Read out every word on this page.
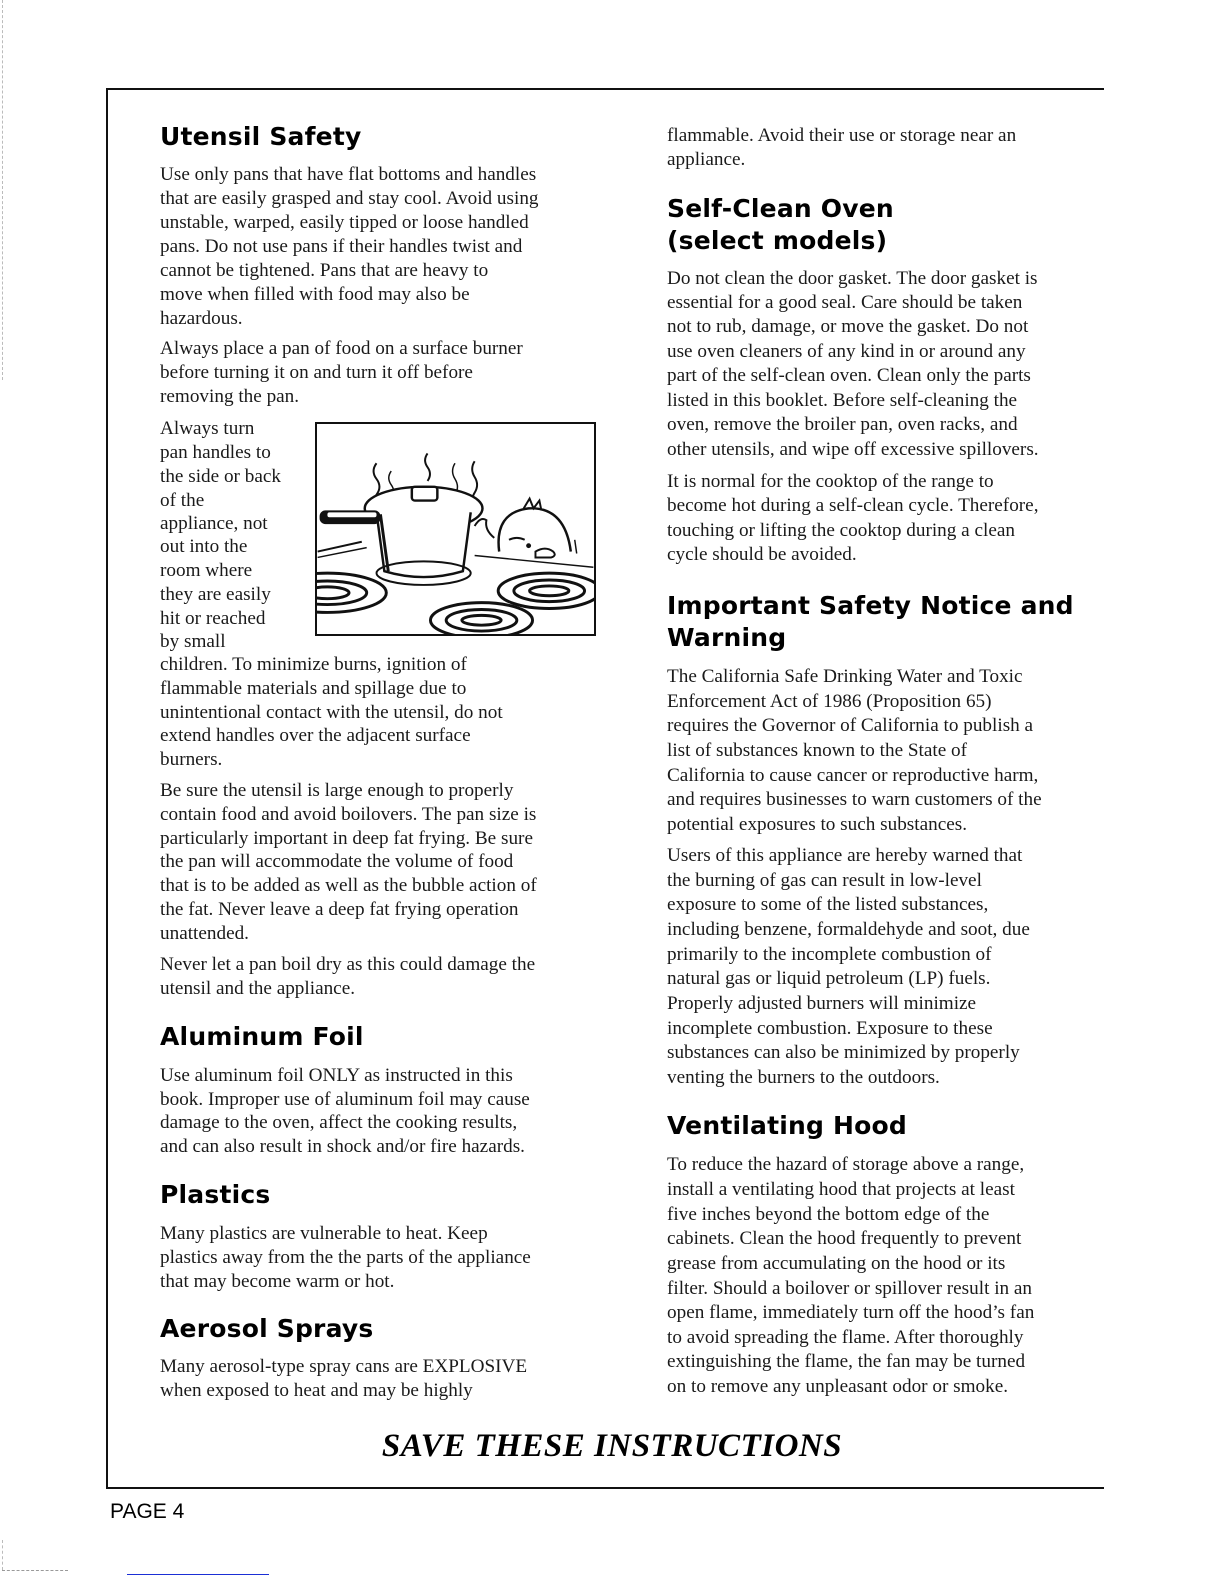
Utensil Safety
Use only pans that have flat bottoms and handles
that are easily grasped and stay cool. Avoid using
unstable, warped, easily tipped or loose handled
pans. Do not use pans if their handles twist and
cannot be tightened. Pans that are heavy to
move when filled with food may also be
hazardous.
Always place a pan of food on a surface burner
before turning it on and turn it off before
removing the pan.
Always turn
pan handles to
the side or back
of the
appliance, not
out into the
room where
they are easily
hit or reached
by small
children. To minimize burns, ignition of
flammable materials and spillage due to
unintentional contact with the utensil, do not
extend handles over the adjacent surface
burners.
Be sure the utensil is large enough to properly
contain food and avoid boilovers. The pan size is
particularly important in deep fat frying. Be sure
the pan will accommodate the volume of food
that is to be added as well as the bubble action of
the fat. Never leave a deep fat frying operation
unattended.
Never let a pan boil dry as this could damage the
utensil and the appliance.
Aluminum Foil
Use aluminum foil ONLY as instructed in this
book. Improper use of aluminum foil may cause
damage to the oven, affect the cooking results,
and can also result in shock and/or fire hazards.
Plastics
Many plastics are vulnerable to heat. Keep
plastics away from the the parts of the appliance
that may become warm or hot.
Aerosol Sprays
Many aerosol-type spray cans are EXPLOSIVE
when exposed to heat and may be highly
flammable. Avoid their use or storage near an
appliance.
Self-Clean Oven
(select models)
Do not clean the door gasket. The door gasket is
essential for a good seal. Care should be taken
not to rub, damage, or move the gasket. Do not
use oven cleaners of any kind in or around any
part of the self-clean oven. Clean only the parts
listed in this booklet. Before self-cleaning the
oven, remove the broiler pan, oven racks, and
other utensils, and wipe off excessive spillovers.
It is normal for the cooktop of the range to
become hot during a self-clean cycle. Therefore,
touching or lifting the cooktop during a clean
cycle should be avoided.
Important Safety Notice and
Warning
The California Safe Drinking Water and Toxic
Enforcement Act of 1986 (Proposition 65)
requires the Governor of California to publish a
list of substances known to the State of
California to cause cancer or reproductive harm,
and requires businesses to warn customers of the
potential exposures to such substances.
Users of this appliance are hereby warned that
the burning of gas can result in low-level
exposure to some of the listed substances,
including benzene, formaldehyde and soot, due
primarily to the incomplete combustion of
natural gas or liquid petroleum (LP) fuels.
Properly adjusted burners will minimize
incomplete combustion. Exposure to these
substances can also be minimized by properly
venting the burners to the outdoors.
Ventilating Hood
To reduce the hazard of storage above a range,
install a ventilating hood that projects at least
five inches beyond the bottom edge of the
cabinets. Clean the hood frequently to prevent
grease from accumulating on the hood or its
filter. Should a boilover or spillover result in an
open flame, immediately turn off the hood’s fan
to avoid spreading the flame. After thoroughly
extinguishing the flame, the fan may be turned
on to remove any unpleasant odor or smoke.
SAVE THESE INSTRUCTIONS
PAGE 4
